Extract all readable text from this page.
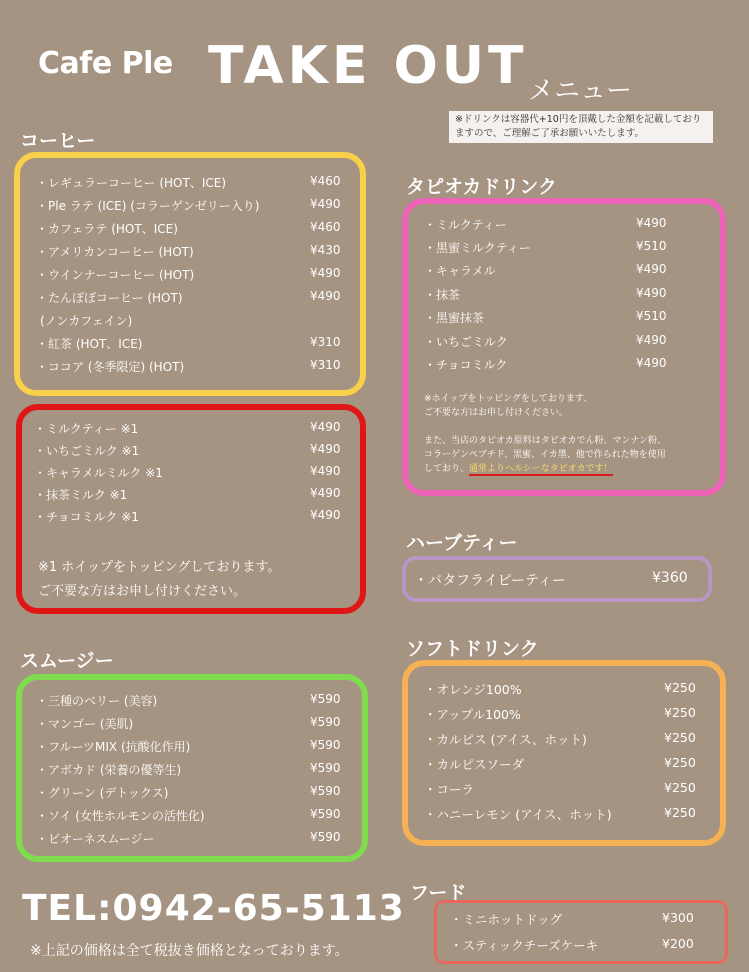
Cafe Ple TAKE OUT メニュー
※ドリンクは容器代+10円を頂戴した金額を記載しておりますので、ご理解ご了承お願いいたします。
コーヒー
・レギュラーコーヒー (HOT、ICE)	¥460
・Ple ラテ (ICE) (コラーゲンゼリー入り)	¥490
・カフェラテ (HOT、ICE)	¥460
・アメリカンコーヒー (HOT)	¥430
・ウインナーコーヒー (HOT)	¥490
・たんぽぽコーヒー (HOT)	¥490
(ノンカフェイン)
・紅茶 (HOT、ICE)	¥310
・ココア (冬季限定) (HOT)	¥310
・ミルクティー ※1	¥490
・いちごミルク ※1	¥490
・キャラメルミルク ※1	¥490
・抹茶ミルク ※1	¥490
・チョコミルク ※1	¥490
※1 ホイップをトッピングしております。
ご不要な方はお申し付けください。
スムージー
・三種のベリー (美容)	¥590
・マンゴー (美肌)	¥590
・フルーツMIX (抗酸化作用)	¥590
・アボカド (栄養の優等生)	¥590
・グリーン (デトックス)	¥590
・ソイ (女性ホルモンの活性化)	¥590
・ピオーネスムージー	¥590
タピオカドリンク
・ミルクティー	¥490
・黒蜜ミルクティー	¥510
・キャラメル	¥490
・抹茶	¥490
・黒蜜抹茶	¥510
・いちごミルク	¥490
・チョコミルク	¥490
※ホイップをトッピングをしております、
ご不要な方はお申し付けください。
また、当店のタピオカ原料はタピオカでん粉、マンナン粉、
コラーゲンペプチド、黒蜜、イカ墨、他で作られた物を使用
しており、通常よりヘルシーなタピオカです！
ハーブティー
・バタフライピーティー	¥360
ソフトドリンク
・オレンジ100%	¥250
・アップル100%	¥250
・カルピス (アイス、ホット)	¥250
・カルピスソーダ	¥250
・コーラ	¥250
・ハニーレモン (アイス、ホット)	¥250
フード
・ミニホットドッグ	¥300
・スティックチーズケーキ	¥200
TEL:0942-65-5113
※上記の価格は全て税抜き価格となっております。
